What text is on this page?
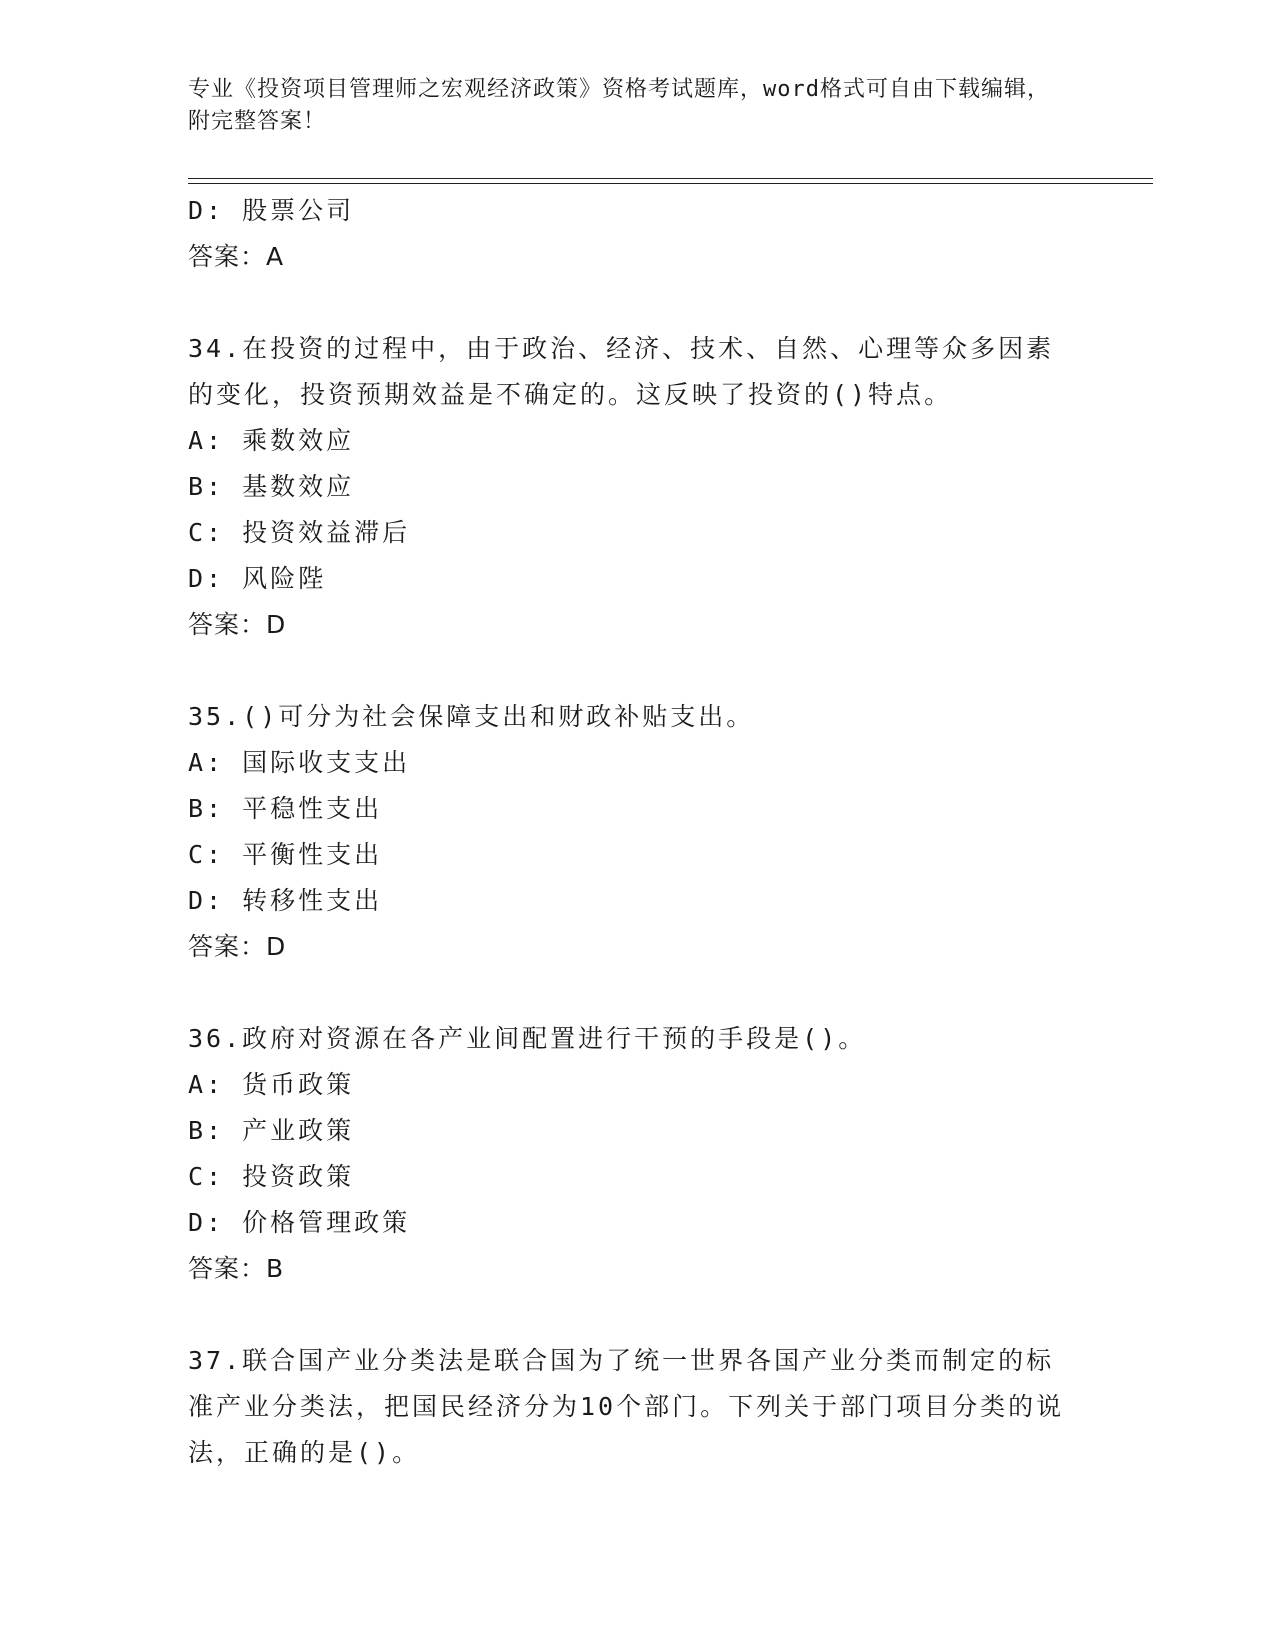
专业《投资项目管理师之宏观经济政策》资格考试题库，word格式可自由下载编辑，附完整答案！
D: 股票公司
答案：A
34.在投资的过程中，由于政治、经济、技术、自然、心理等众多因素的变化，投资预期效益是不确定的。这反映了投资的()特点。
A: 乘数效应
B: 基数效应
C: 投资效益滞后
D: 风险陛
答案：D
35.()可分为社会保障支出和财政补贴支出。
A: 国际收支支出
B: 平稳性支出
C: 平衡性支出
D: 转移性支出
答案：D
36.政府对资源在各产业间配置进行干预的手段是()。
A: 货币政策
B: 产业政策
C: 投资政策
D: 价格管理政策
答案：B
37.联合国产业分类法是联合国为了统一世界各国产业分类而制定的标准产业分类法，把国民经济分为10个部门。下列关于部门项目分类的说法，正确的是()。
